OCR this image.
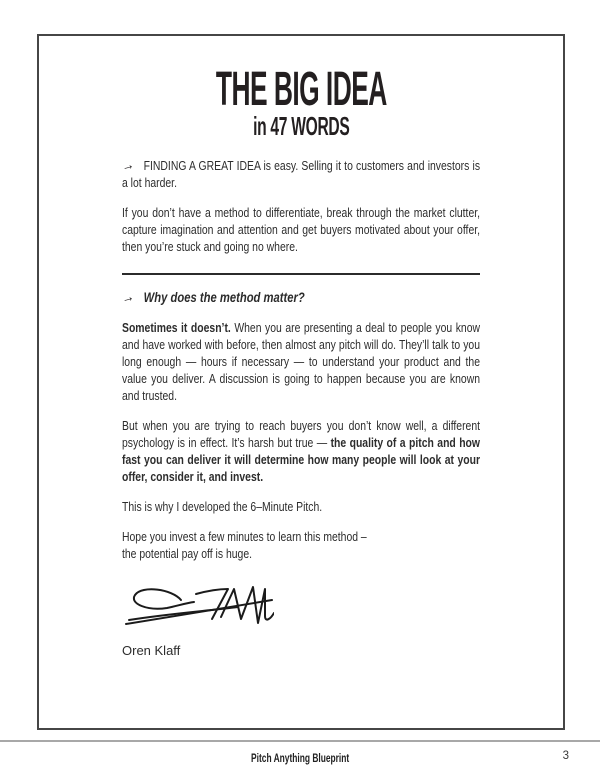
THE BIG IDEA
in 47 WORDS

→ FINDING A GREAT IDEA is easy. Selling it to customers and investors is a lot harder.

If you don’t have a method to differentiate, break through the market clutter, capture imagination and attention and get buyers motivated about your offer, then you’re stuck and going no where.

→ Why does the method matter?

Sometimes it doesn’t. When you are presenting a deal to people you know and have worked with before, then almost any pitch will do. They’ll talk to you long enough — hours if necessary — to understand your product and the value you deliver. A discussion is going to happen because you are known and trusted.

But when you are trying to reach buyers you don’t know well, a different psychology is in effect. It’s harsh but true — the quality of a pitch and how fast you can deliver it will determine how many people will look at your offer, consider it, and invest.

This is why I developed the 6–Minute Pitch.

Hope you invest a few minutes to learn this method –
the potential pay off is huge.

Oren Klaff

Pitch Anything Blueprint	3
